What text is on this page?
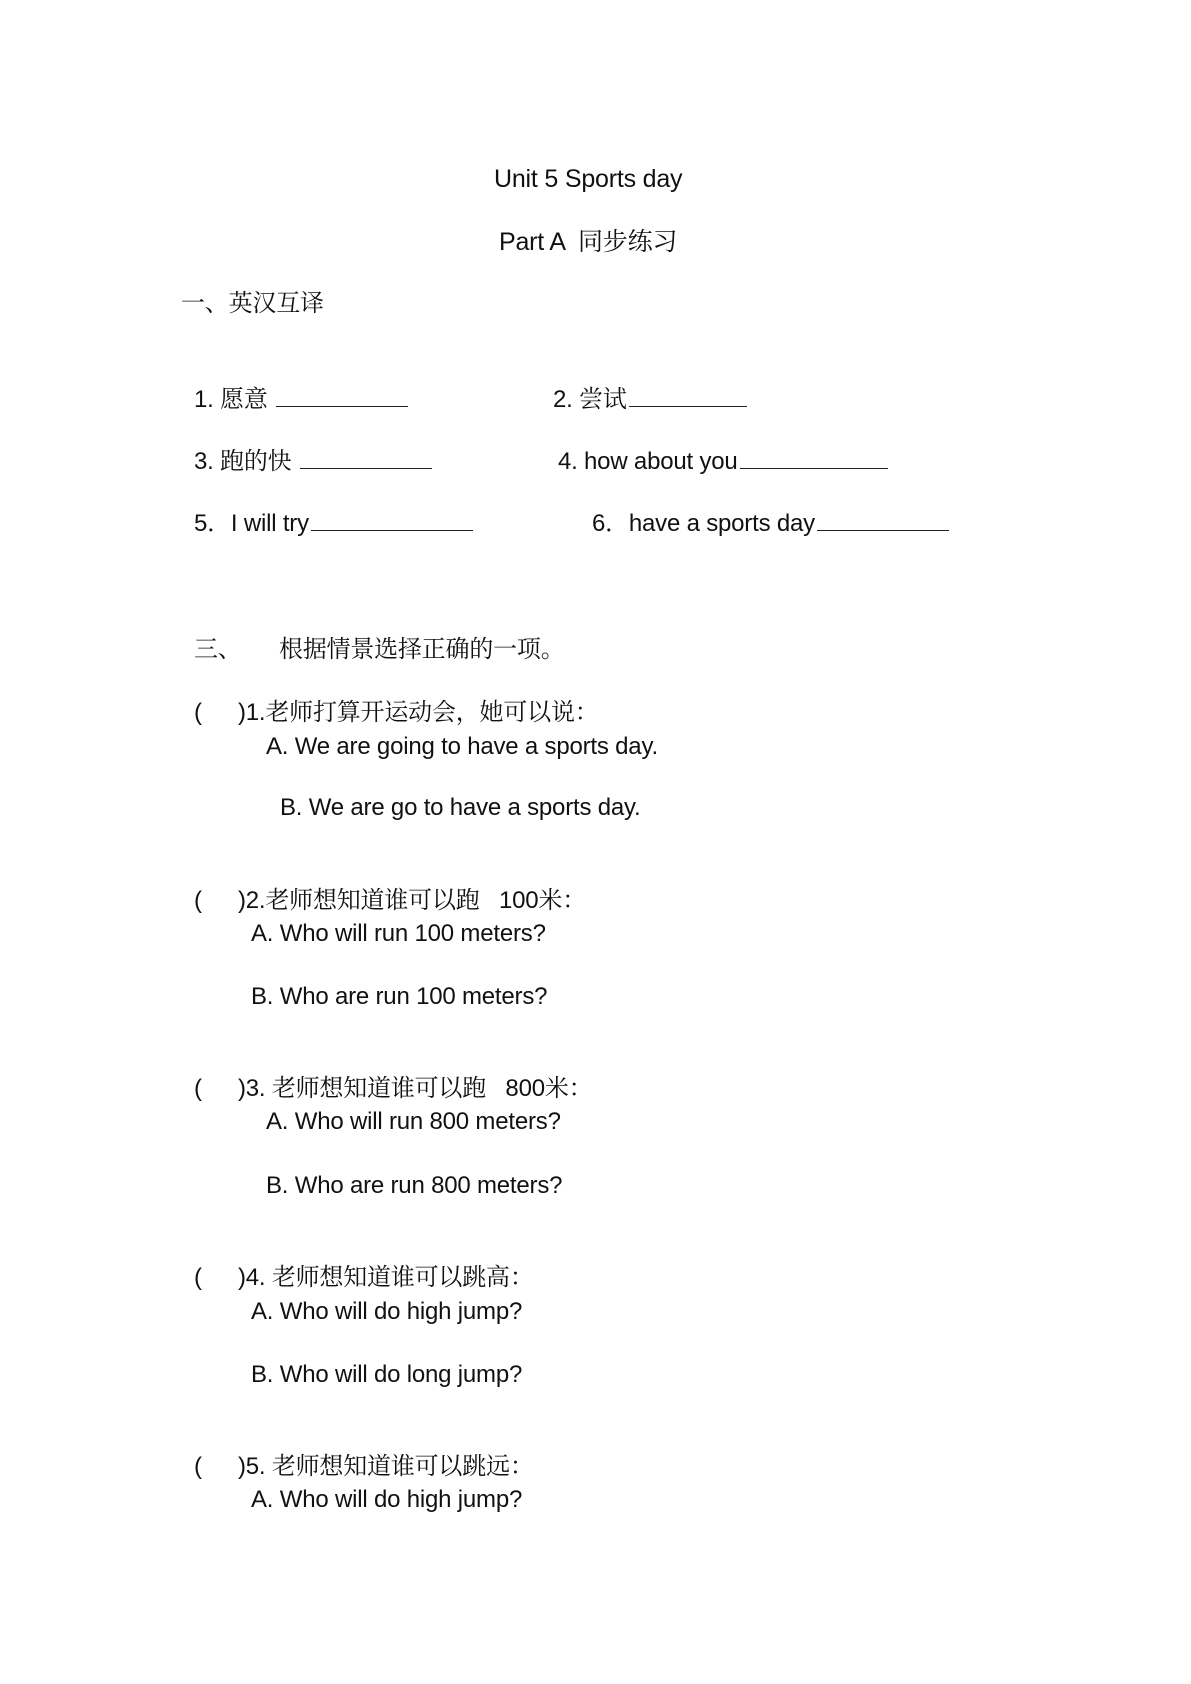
Unit 5 Sports day
Part A  同步练习
一、英汉互译

1. 愿意	2. 尝试

3. 跑的快	4. how about you

5．I will try	6．have a sports day

三、 根据情景选择正确的一项。

( )1.老师打算开运动会，她可以说：

A. We are going to have a sports day.
B. We are go to have a sports day.

( )2.老师想知道谁可以跑   100米：

A. Who will run 100 meters?
B. Who are run 100 meters?

( )3. 老师想知道谁可以跑   800米：

A. Who will run 800 meters?
B. Who are run 800 meters?

( )4. 老师想知道谁可以跳高：

A. Who will do high jump?
B. Who will do long jump?

( )5. 老师想知道谁可以跳远：

A. Who will do high jump?
